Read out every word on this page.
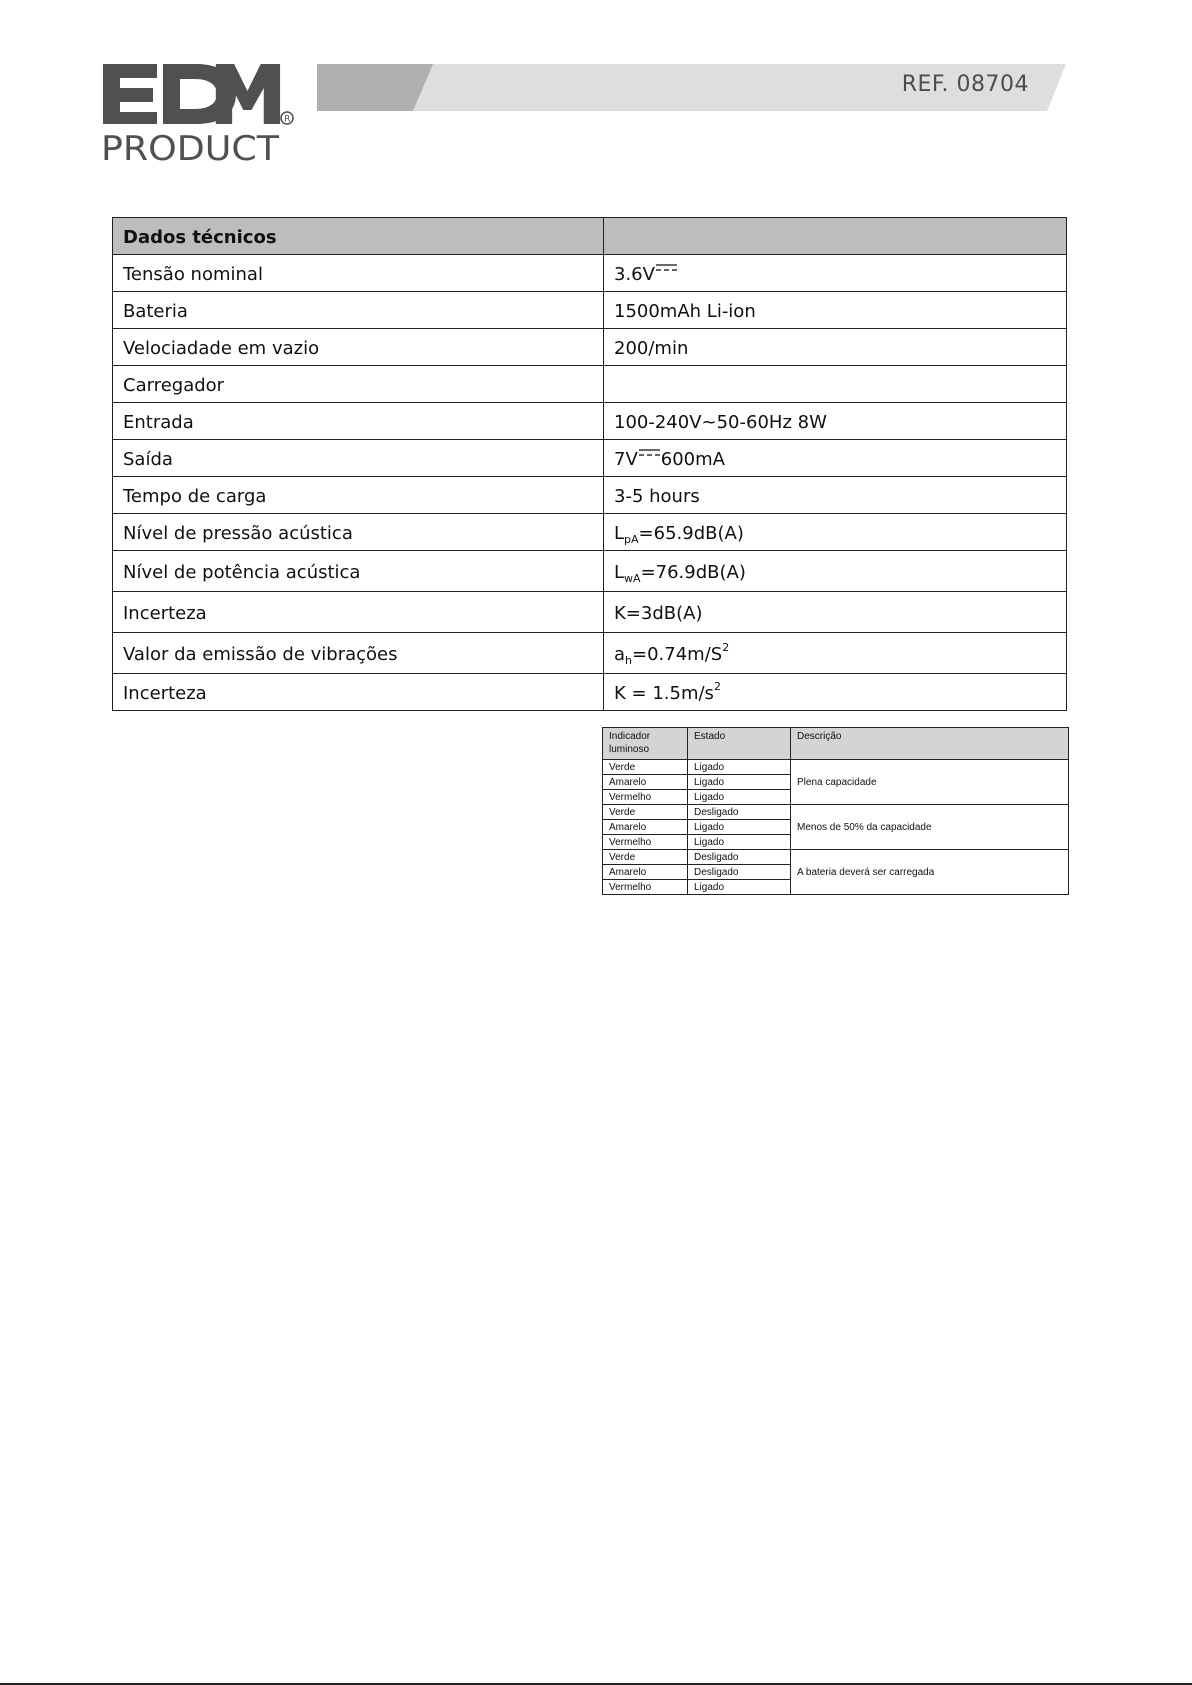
R
PRODUCT
REF. 08704
Dados técnicos	
Tensão nominal	3.6V

Bateria	1500mAh Li-ion
Velociadade em vazio	200/min
Carregador	
Entrada	100-240V~50-60Hz 8W
Saída	7V 600mA
Tempo de carga	3-5 hours
Nível de pressão acústica	$L_{pA}=65.9dB(A)$
Nível de potência acústica	$L_{wA}=76.9dB(A)$
Incerteza	K=3dB(A)
Valor da emissão de vibrações	$a_h=0.74m/S^2$
Incerteza	$K = 1.5m/s^2$
Indicador luminoso	Estado	Descrição
Verde	Ligado	Plena capacidade
Amarelo	Ligado	
Vermelho	Ligado	
Verde	Desligado	Menos de 50% da capacidade
Amarelo	Ligado	
Vermelho	Ligado	
Verde	Desligado	A bateria deverá ser carregada
Amarelo	Desligado	
Vermelho	Ligado	
